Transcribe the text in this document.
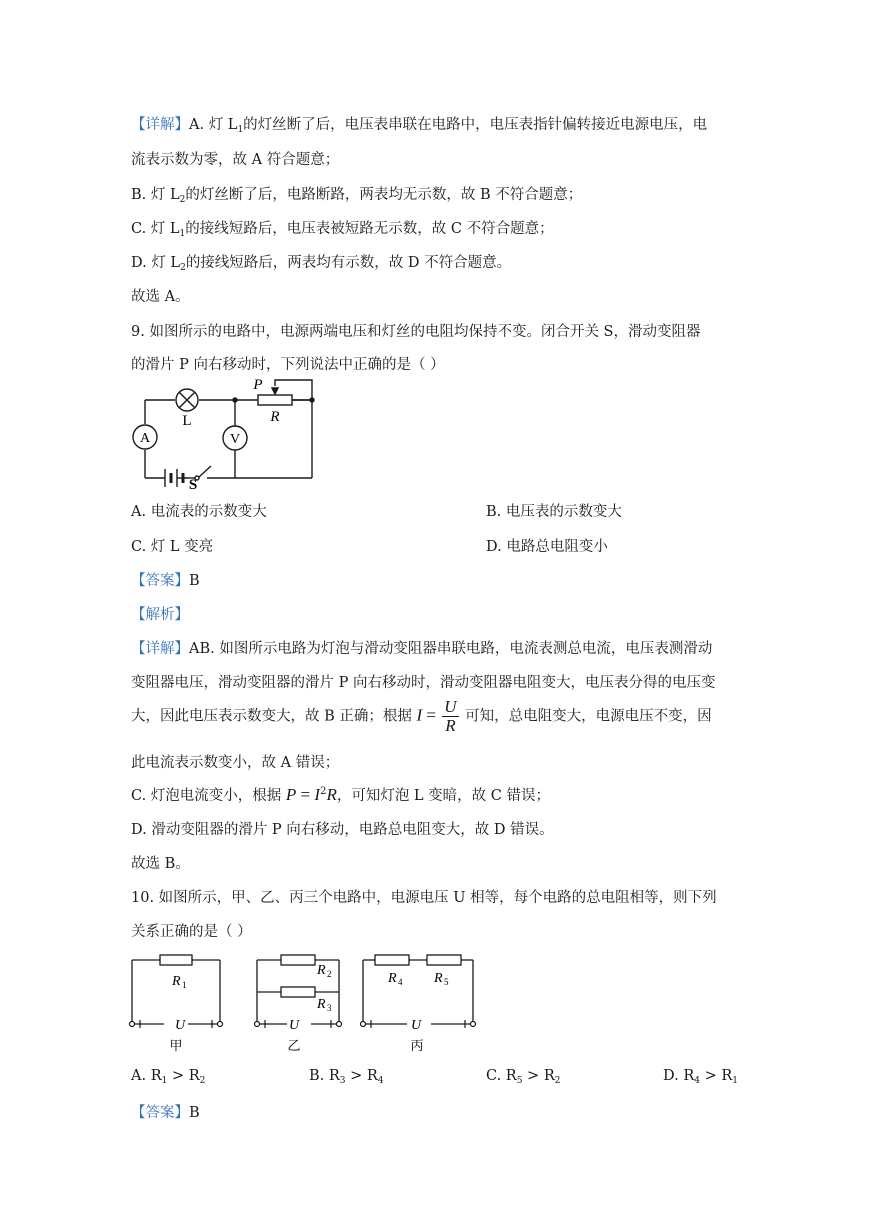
【详解】A. 灯 $L_1$的灯丝断了后，电压表串联在电路中，电压表指针偏转接近电源电压，电
流表示数为零，故 A 符合题意；
B. 灯 $L_2$的灯丝断了后，电路断路，两表均无示数，故 B 不符合题意；
C. 灯 $L_1$的接线短路后，电压表被短路无示数，故 C 不符合题意；
D. 灯 $L_2$的接线短路后，两表均有示数，故 D 不符合题意。
故选 A。
9. 如图所示的电路中，电源两端电压和灯丝的电阻均保持不变。闭合开关 S，滑动变阻器
的滑片 P 向右移动时，下列说法中正确的是（ ）
L
A	V
P
R
S
A. 电流表的示数变大	B. 电压表的示数变大
C. 灯 L 变亮	D. 电路总电阻变小
【答案】B
【解析】
【详解】AB. 如图所示电路为灯泡与滑动变阻器串联电路，电流表测总电流，电压表测滑动
变阻器电压，滑动变阻器的滑片 P 向右移动时，滑动变阻器电阻变大，电压表分得的电压变
大，因此电压表示数变大，故 B 正确；根据 $I = \frac{U}{R}$ 可知，总电阻变大，电源电压不变，因
此电流表示数变小，故 A 错误；
C. 灯泡电流变小，根据 $P = I^2R$，可知灯泡 L 变暗，故 C 错误；
D. 滑动变阻器的滑片 P 向右移动，电路总电阻变大，故 D 错误。
故选 B。
10. 如图所示，甲、乙、丙三个电路中，电源电压 U 相等，每个电路的总电阻相等，则下列
关系正确的是（ ）
R 1
U
甲
R 2
R 3
U
乙
R 4 R 5
U
丙
A. $R_1 > R_2$	B. $R_3 > R_4$	C. $R_5 > R_2$	D. $R_4 > R_1$
【答案】B
